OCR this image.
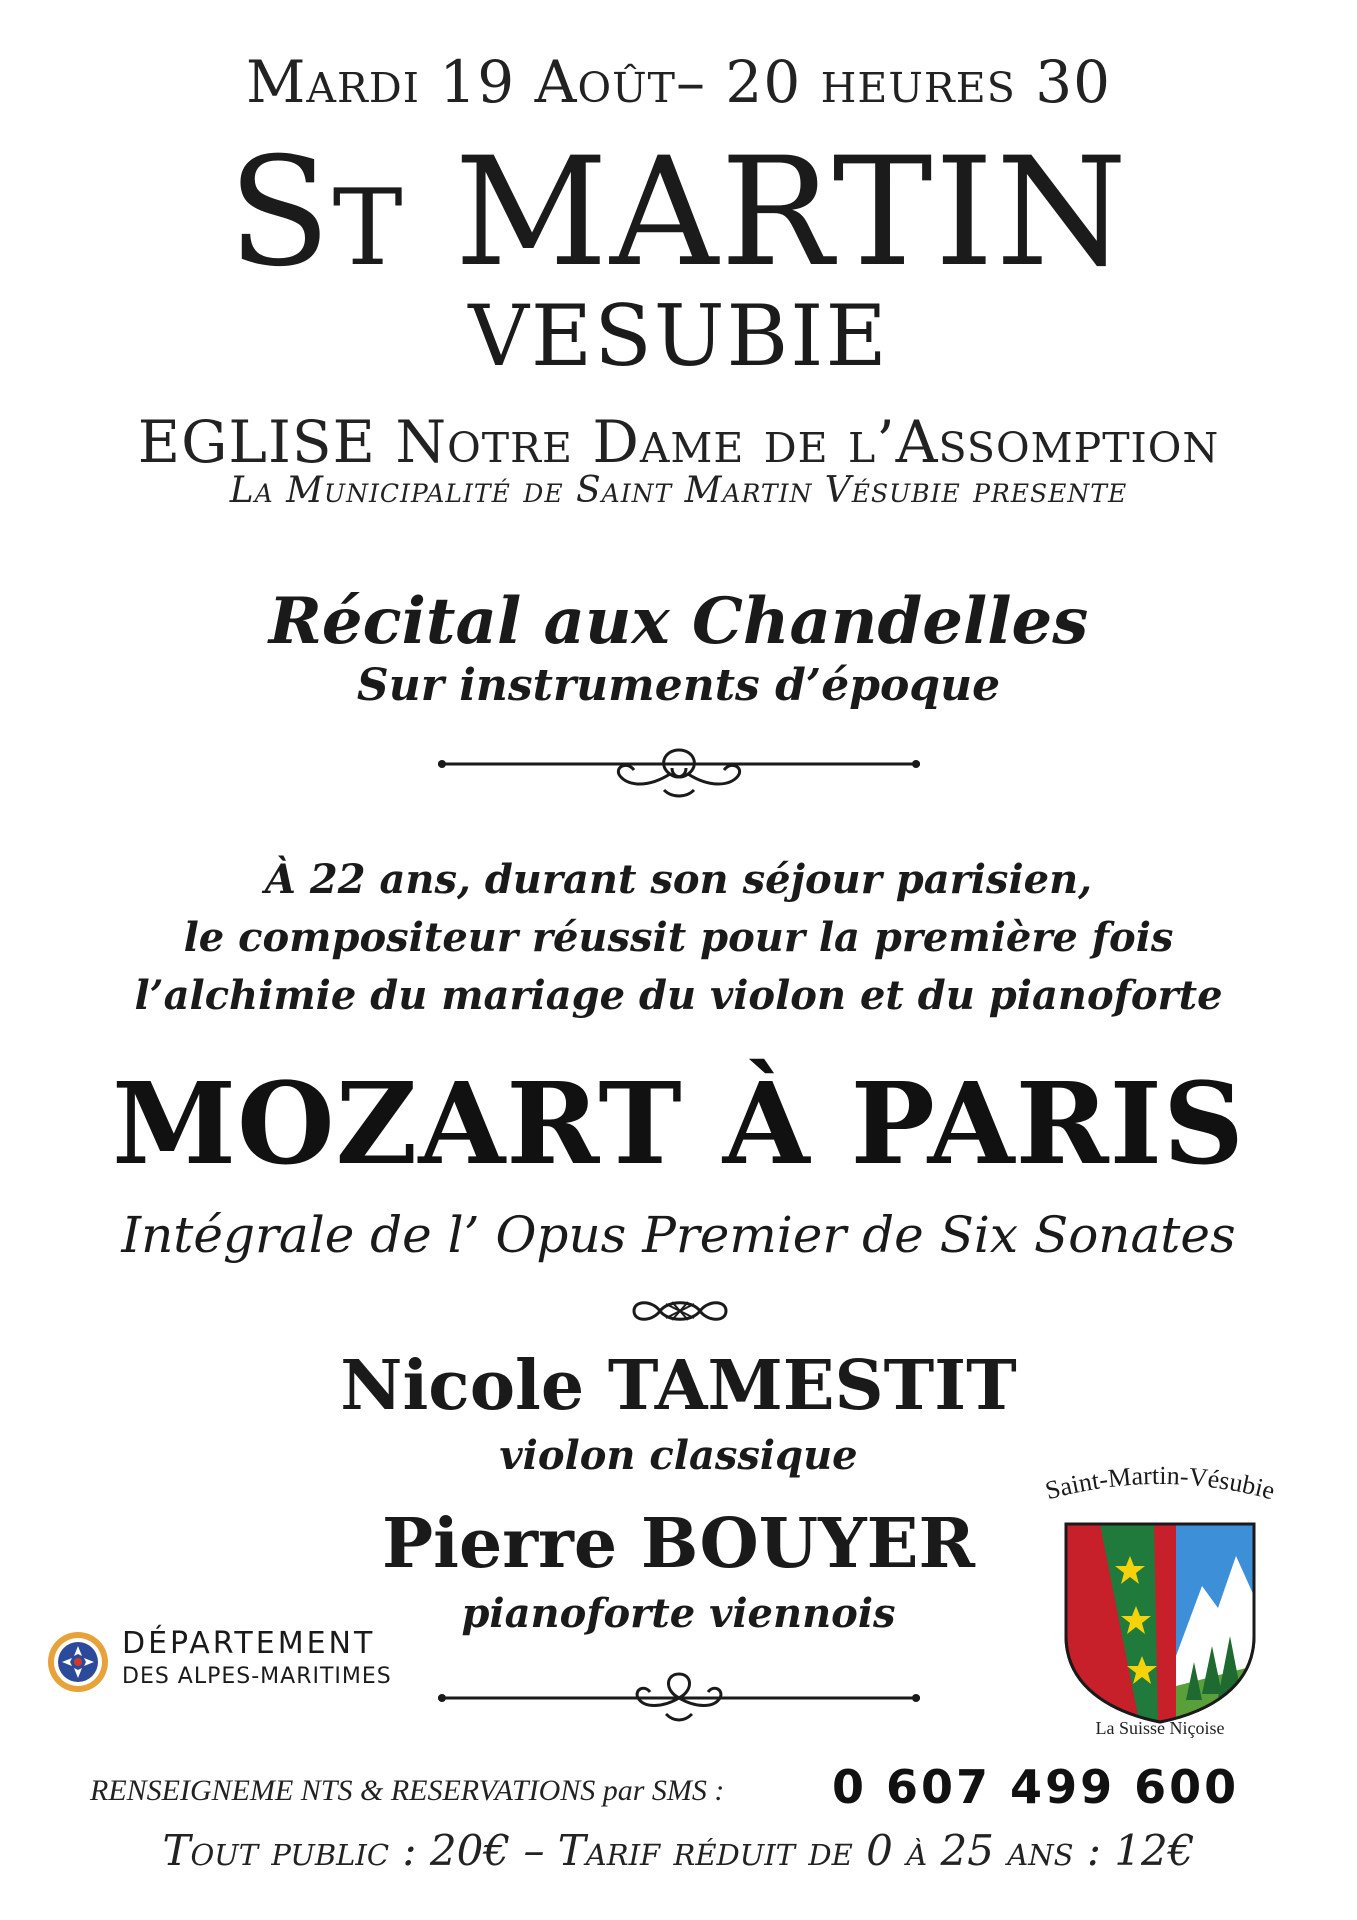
Mardi 19 Août– 20 heures 30
St MARTIN
VESUBIE
EGLISE Notre Dame de l’Assomption
La Municipalité de Saint Martin Vésubie presente
Récital aux Chandelles
Sur instruments d’époque
À 22 ans, durant son séjour parisien,
le compositeur réussit pour la première fois
l’alchimie du mariage du violon et du pianoforte
MOZART À PARIS
Intégrale de l’ Opus Premier de Six Sonates
Nicole TAMESTIT
violon classique
Pierre BOUYER
pianoforte viennois
DÉPARTEMENT
DES ALPES-MARITIMES
Saint-Martin-Vésubie
La Suisse Niçoise
RENSEIGNEME NTS & RESERVATIONS par SMS : 0 607 499 600
Tout public : 20€ – Tarif réduit de 0 à 25 ans : 12€
